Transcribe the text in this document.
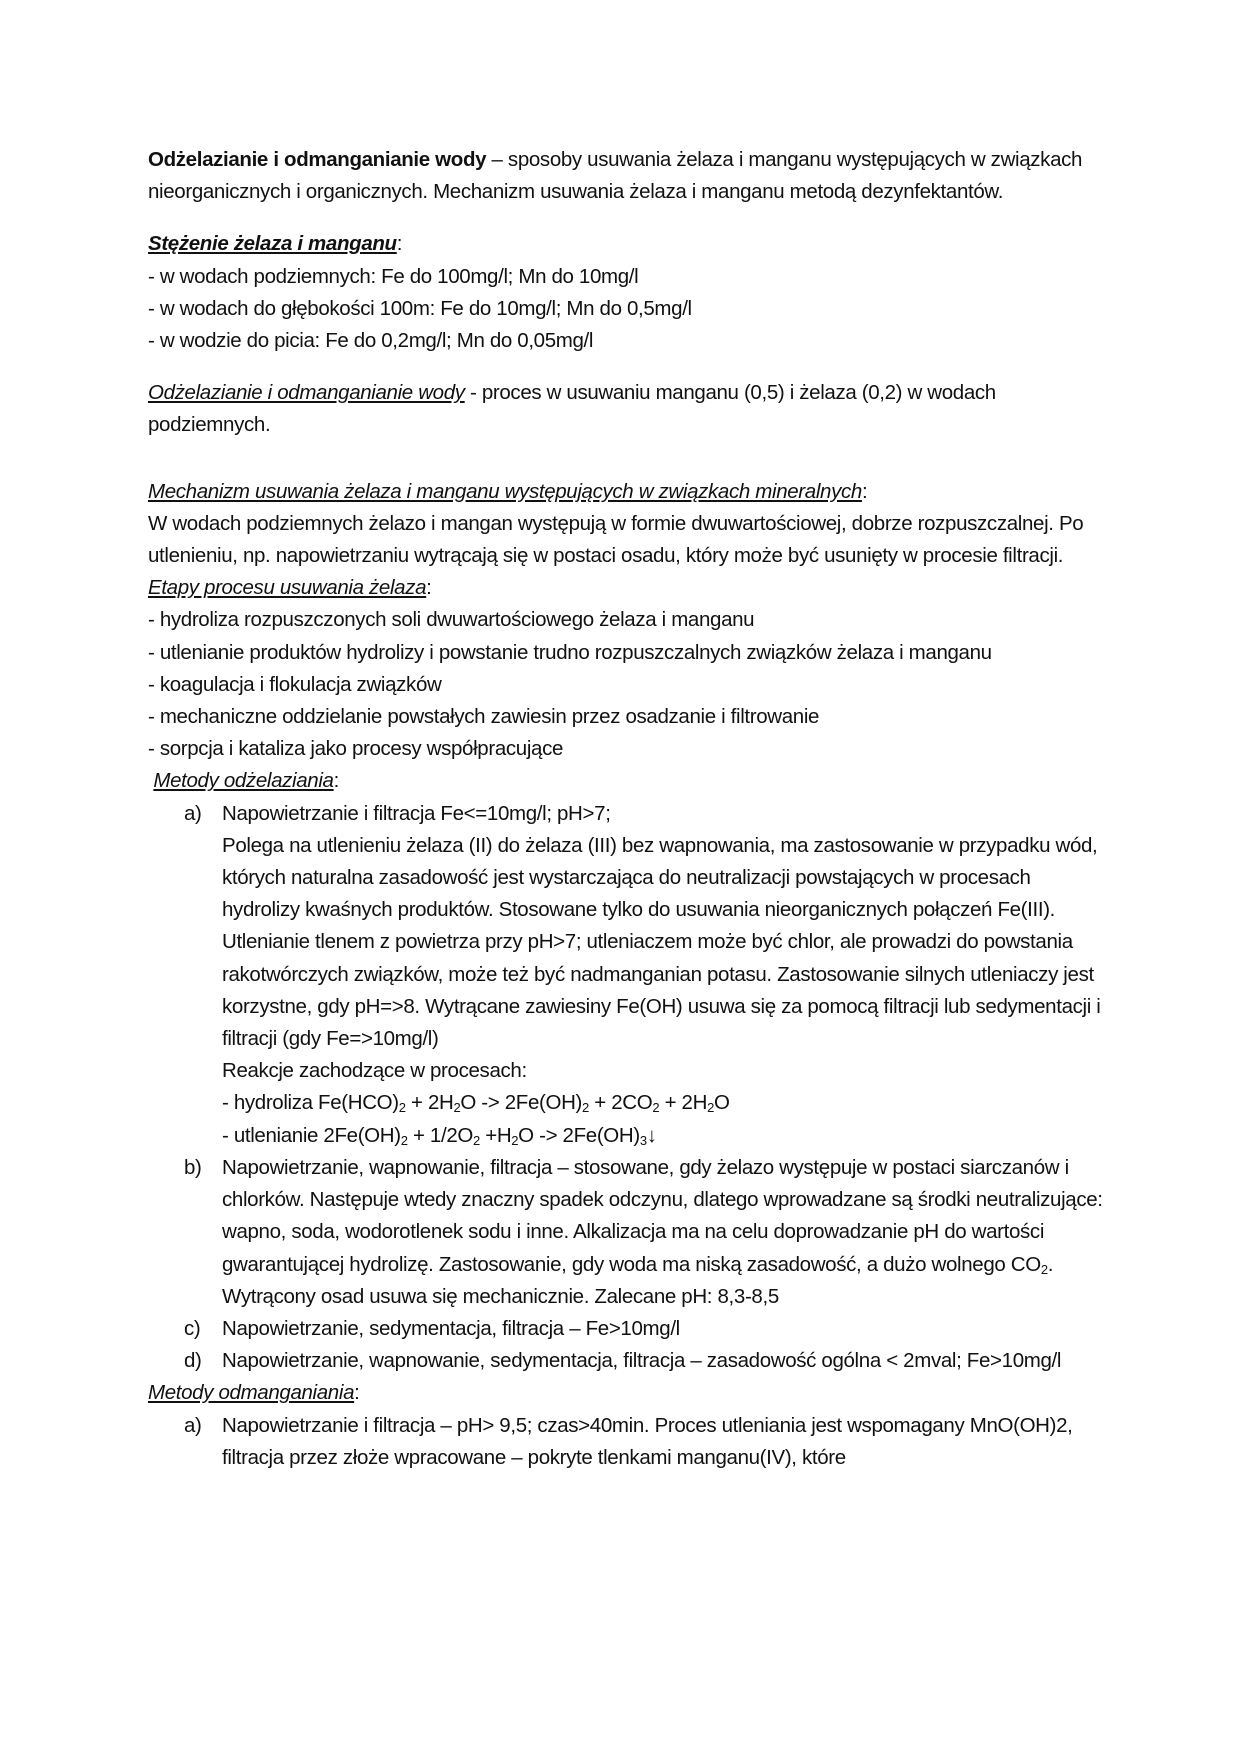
Odżelazianie i odmanganianie wody – sposoby usuwania żelaza i manganu występujących w związkach nieorganicznych i organicznych. Mechanizm usuwania żelaza i manganu metodą dezynfektantów.

Stężenie żelaza i manganu:

- w wodach podziemnych: Fe do 100mg/l; Mn do 10mg/l

- w wodach do głębokości 100m: Fe do 10mg/l; Mn do 0,5mg/l

- w wodzie do picia: Fe do 0,2mg/l; Mn do 0,05mg/l

Odżelazianie i odmanganianie wody - proces w usuwaniu manganu (0,5) i żelaza (0,2) w wodach podziemnych.

Mechanizm usuwania żelaza i manganu występujących w związkach mineralnych:

W wodach podziemnych żelazo i mangan występują w formie dwuwartościowej, dobrze rozpuszczalnej. Po utlenieniu, np. napowietrzaniu wytrącają się w postaci osadu, który może być usunięty w procesie filtracji.

Etapy procesu usuwania żelaza:

- hydroliza rozpuszczonych soli dwuwartościowego żelaza i manganu

- utlenianie produktów hydrolizy i powstanie trudno rozpuszczalnych związków żelaza i manganu

- koagulacja i flokulacja związków

- mechaniczne oddzielanie powstałych zawiesin przez osadzanie i filtrowanie

- sorpcja i kataliza jako procesy współpracujące

Metody odżelaziania:

a) Napowietrzanie i filtracja Fe<=10mg/l; pH>7;

Polega na utlenieniu żelaza (II) do żelaza (III) bez wapnowania, ma zastosowanie w przypadku wód, których naturalna zasadowość jest wystarczająca do neutralizacji powstających w procesach hydrolizy kwaśnych produktów. Stosowane tylko do usuwania nieorganicznych połączeń Fe(III). Utlenianie tlenem z powietrza przy pH>7; utleniaczem może być chlor, ale prowadzi do powstania rakotwórczych związków, może też być nadmanganian potasu. Zastosowanie silnych utleniaczy jest korzystne, gdy pH=>8. Wytrącane zawiesiny Fe(OH) usuwa się za pomocą filtracji lub sedymentacji i filtracji (gdy Fe=>10mg/l)

Reakcje zachodzące w procesach:

- hydroliza $Fe(HCO)_2 + 2H_2O -> 2Fe(OH)_2 + 2CO_2 + 2H_2O$

- utlenianie $2Fe(OH)_2 + 1/2O_2 +H_2O$ -> $2Fe(OH)_3↓$

b) Napowietrzanie, wapnowanie, filtracja – stosowane, gdy żelazo występuje w postaci siarczanów i chlorków. Następuje wtedy znaczny spadek odczynu, dlatego wprowadzane są środki neutralizujące: wapno, soda, wodorotlenek sodu i inne. Alkalizacja ma na celu doprowadzanie pH do wartości gwarantującej hydrolizę. Zastosowanie, gdy woda ma niską zasadowość, a dużo wolnego $CO_2$. Wytrącony osad usuwa się mechanicznie. Zalecane pH: 8,3-8,5

c)	Napowietrzanie, sedymentacja, filtracja – Fe>10mg/l

d) Napowietrzanie, wapnowanie, sedymentacja, filtracja – zasadowość ogólna < 2mval; Fe>10mg/l

Metody odmanganiania:

a) Napowietrzanie i filtracja – pH> 9,5; czas>40min. Proces utleniania jest wspomagany MnO(OH)2, filtracja przez złoże wpracowane – pokryte tlenkami manganu(IV), które
